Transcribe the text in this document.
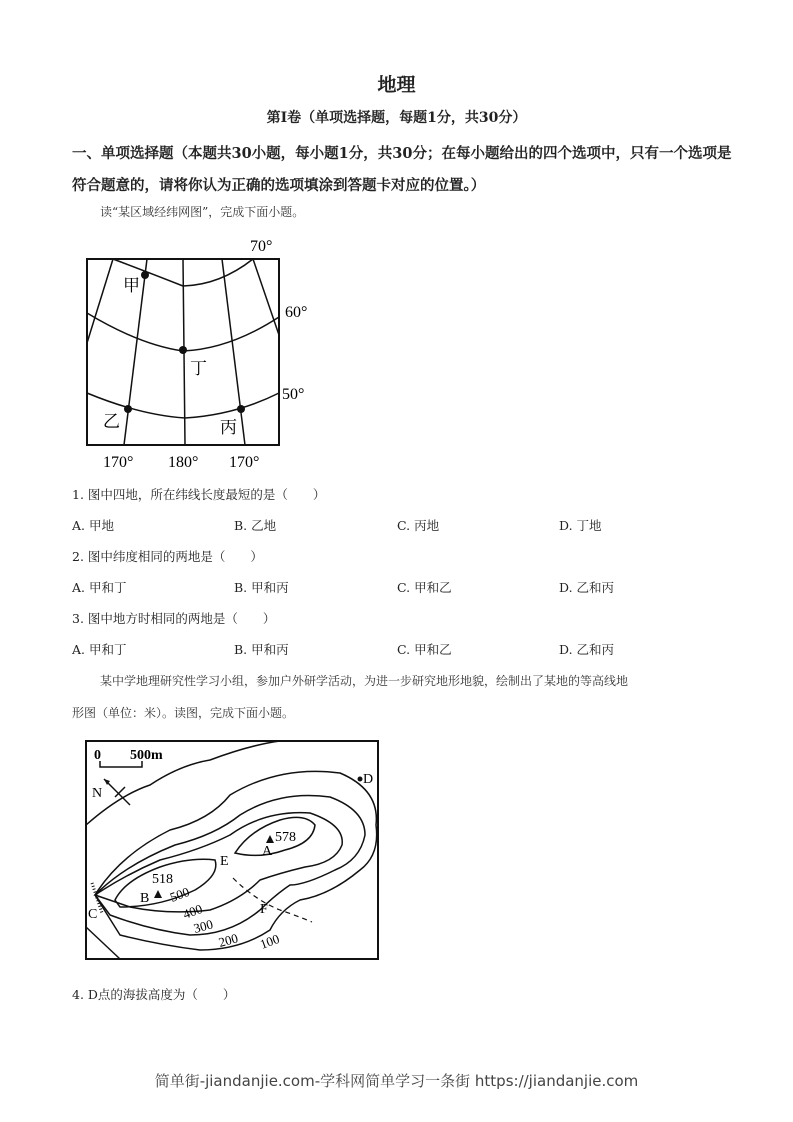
地理
第Ⅰ卷（单项选择题，每题1分，共30分）
一、单项选择题（本题共30小题，每小题1分，共30分；在每小题给出的四个选项中，只有一个选项是符合题意的，请将你认为正确的选项填涂到答题卡对应的位置。）
读“某区域经纬网图”，完成下面小题。
甲
丁
乙	丙
70°
60°
50°
170° 180° 170°
1. 图中四地，所在纬线长度最短的是（　　）
A. 甲地	B. 乙地	C. 丙地	D. 丁地
2. 图中纬度相同的两地是（　　）
A. 甲和丁	B. 甲和丙	C. 甲和乙	D. 乙和丙
3. 图中地方时相同的两地是（　　）
A. 甲和丁	B. 甲和丙	C. 甲和乙	D. 乙和丙
某中学地理研究性学习小组，参加户外研学活动，为进一步研究地形地貌，绘制出了某地的等高线地
形图（单位：米）。读图，完成下面小题。
0 500m
N
578
A
518
B
D
E
F
C
500
400
300
200 100
4. D点的海拔高度为（　　）
简单街-jiandanjie.com-学科网简单学习一条街 https://jiandanjie.com
